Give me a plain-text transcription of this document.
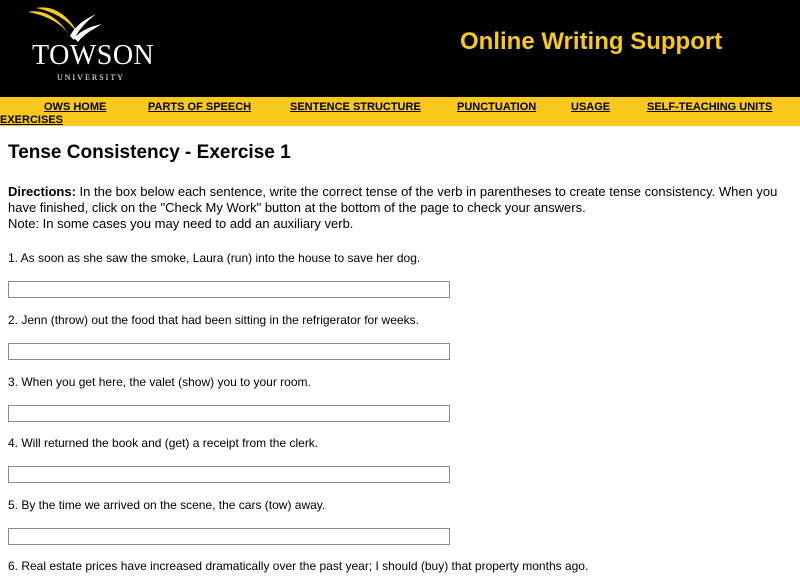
TOWSON
UNIVERSITY
Online Writing Support
OWS HOME	PARTS OF SPEECH	SENTENCE STRUCTURE	PUNCTUATION	USAGE	SELF-TEACHING UNITS
EXERCISES
Tense Consistency - Exercise 1
Directions: In the box below each sentence, write the correct tense of the verb in parentheses to create tense consistency. When you have finished, click on the "Check My Work" button at the bottom of the page to check your answers.
Note: In some cases you may need to add an auxiliary verb.
1. As soon as she saw the smoke, Laura (run) into the house to save her dog.
2. Jenn (throw) out the food that had been sitting in the refrigerator for weeks.
3. When you get here, the valet (show) you to your room.
4. Will returned the book and (get) a receipt from the clerk.
5. By the time we arrived on the scene, the cars (tow) away.
6. Real estate prices have increased dramatically over the past year; I should (buy) that property months ago.
